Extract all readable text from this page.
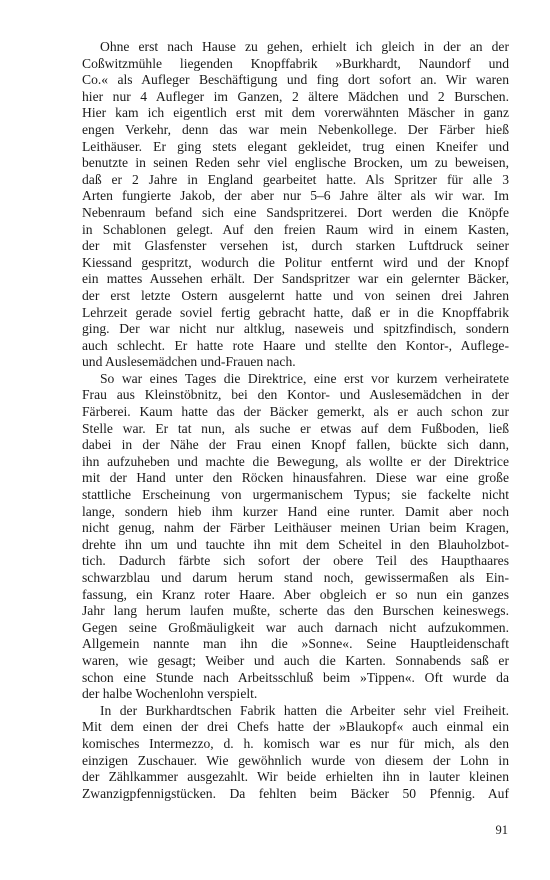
Ohne erst nach Hause zu gehen, erhielt ich gleich in der an der
Coßwitzmühle liegenden Knopffabrik »Burkhardt, Naundorf und
Co.« als Aufleger Beschäftigung und fing dort sofort an. Wir waren
hier nur 4 Aufleger im Ganzen, 2 ältere Mädchen und 2 Burschen.
Hier kam ich eigentlich erst mit dem vorerwähnten Mäscher in ganz
engen Verkehr, denn das war mein Nebenkollege. Der Färber hieß
Leithäuser. Er ging stets elegant gekleidet, trug einen Kneifer und
benutzte in seinen Reden sehr viel englische Brocken, um zu beweisen,
daß er 2 Jahre in England gearbeitet hatte. Als Spritzer für alle 3
Arten fungierte Jakob, der aber nur 5–6 Jahre älter als wir war. Im
Nebenraum befand sich eine Sandspritzerei. Dort werden die Knöpfe
in Schablonen gelegt. Auf den freien Raum wird in einem Kasten,
der mit Glasfenster versehen ist, durch starken Luftdruck seiner
Kiessand gespritzt, wodurch die Politur entfernt wird und der Knopf
ein mattes Aussehen erhält. Der Sandspritzer war ein gelernter Bäcker,
der erst letzte Ostern ausgelernt hatte und von seinen drei Jahren
Lehrzeit gerade soviel fertig gebracht hatte, daß er in die Knopffabrik
ging. Der war nicht nur altklug, naseweis und spitzfindisch, sondern
auch schlecht. Er hatte rote Haare und stellte den Kontor-, Auflege-
und Auslesemädchen und-Frauen nach.
So war eines Tages die Direktrice, eine erst vor kurzem verheiratete
Frau aus Kleinstöbnitz, bei den Kontor- und Auslesemädchen in der
Färberei. Kaum hatte das der Bäcker gemerkt, als er auch schon zur
Stelle war. Er tat nun, als suche er etwas auf dem Fußboden, ließ
dabei in der Nähe der Frau einen Knopf fallen, bückte sich dann,
ihn aufzuheben und machte die Bewegung, als wollte er der Direktrice
mit der Hand unter den Röcken hinausfahren. Diese war eine große
stattliche Erscheinung von urgermanischem Typus; sie fackelte nicht
lange, sondern hieb ihm kurzer Hand eine runter. Damit aber noch
nicht genug, nahm der Färber Leithäuser meinen Urian beim Kragen,
drehte ihn um und tauchte ihn mit dem Scheitel in den Blauholzbot-
tich. Dadurch färbte sich sofort der obere Teil des Haupthaares
schwarzblau und darum herum stand noch, gewissermaßen als Ein-
fassung, ein Kranz roter Haare. Aber obgleich er so nun ein ganzes
Jahr lang herum laufen mußte, scherte das den Burschen keineswegs.
Gegen seine Großmäuligkeit war auch darnach nicht aufzukommen.
Allgemein nannte man ihn die »Sonne«. Seine Hauptleidenschaft
waren, wie gesagt; Weiber und auch die Karten. Sonnabends saß er
schon eine Stunde nach Arbeitsschluß beim »Tippen«. Oft wurde da
der halbe Wochenlohn verspielt.
In der Burkhardtschen Fabrik hatten die Arbeiter sehr viel Freiheit.
Mit dem einen der drei Chefs hatte der »Blaukopf« auch einmal ein
komisches Intermezzo, d. h. komisch war es nur für mich, als den
einzigen Zuschauer. Wie gewöhnlich wurde von diesem der Lohn in
der Zählkammer ausgezahlt. Wir beide erhielten ihn in lauter kleinen
Zwanzigpfennigstücken. Da fehlten beim Bäcker 50 Pfennig. Auf
91
